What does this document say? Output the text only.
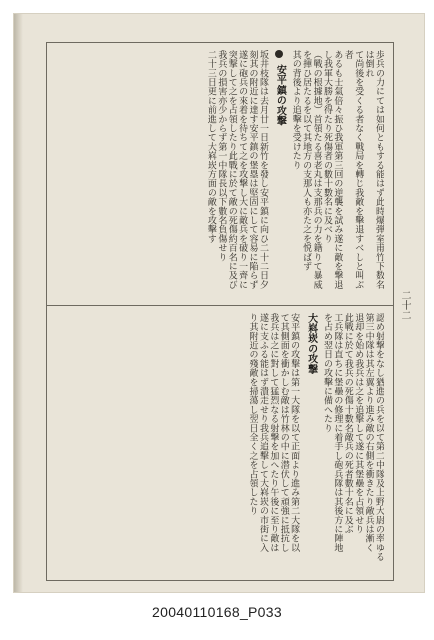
歩兵の力にては如何ともする能はず此時爆弾室甫竹下数名は倒れ
て尚後を受くる者なく戰局を轉じ我敵を擊退すべしと叫ぶ者
あるも士氣倍々振ひ我軍第三回の逆襲を試み遂に敵を撃退
し我軍大勝を得たり死傷者の數十數名に及べり
（戰の根據地）首領たる喜老丸は支那兵の力を籍りて暴威
を揮ひ居たるを以て其地方の支那人も亦た之を悦ばず
其の背後より追擊を受けたり
安平鎮の攻撃
坂井枝隊は去月廿一日新竹を發し安平鎮に向ひ二十二日夕
刻其の附近に達す安平鎮の堡塁は堅固にして容易に陥らず
遂に砲兵の來着を待ちて之を攻撃し大に敵兵を破り一齊に
突撃して之を占領したり此戰に於て敵の死傷約百名に及び
我兵の損害亦少からず第一中隊長以下數名負傷せり
二十三日更に前進して大嵙崁方面の敵を攻擊す
認め射撃をなし猶進の兵を以て第二中隊及上野大尉の率ゆる
第三中隊は其左翼より進み敵の右側を衝きたり敵兵は漸く
退却を始め我兵は之を追撃して遂に其堡壘を占領せり
此戰に於て我兵の死傷十數名敵兵の死者數十名に及ぶ
工兵隊は直ちに堡壘の修理に着手し砲兵隊は其後方に陣地
を占め翌日の攻擊に備へたり
大嵙崁の攻撃
安平鎮の攻撃は第一大隊を以て正面より進み第二大隊を以
て其側面を衝かしむ敵は竹林の中に潜伏して頑強に抵抗し
我兵は之に對して猛烈なる射撃を加へたり午後に至り敵は
遂に支ふる能はず潰走せり我兵追擊して大嵙崁の市街に入
り其附近の殘敵を掃蕩し翌日全く之を占領したり
二十二
20040110168_P033
